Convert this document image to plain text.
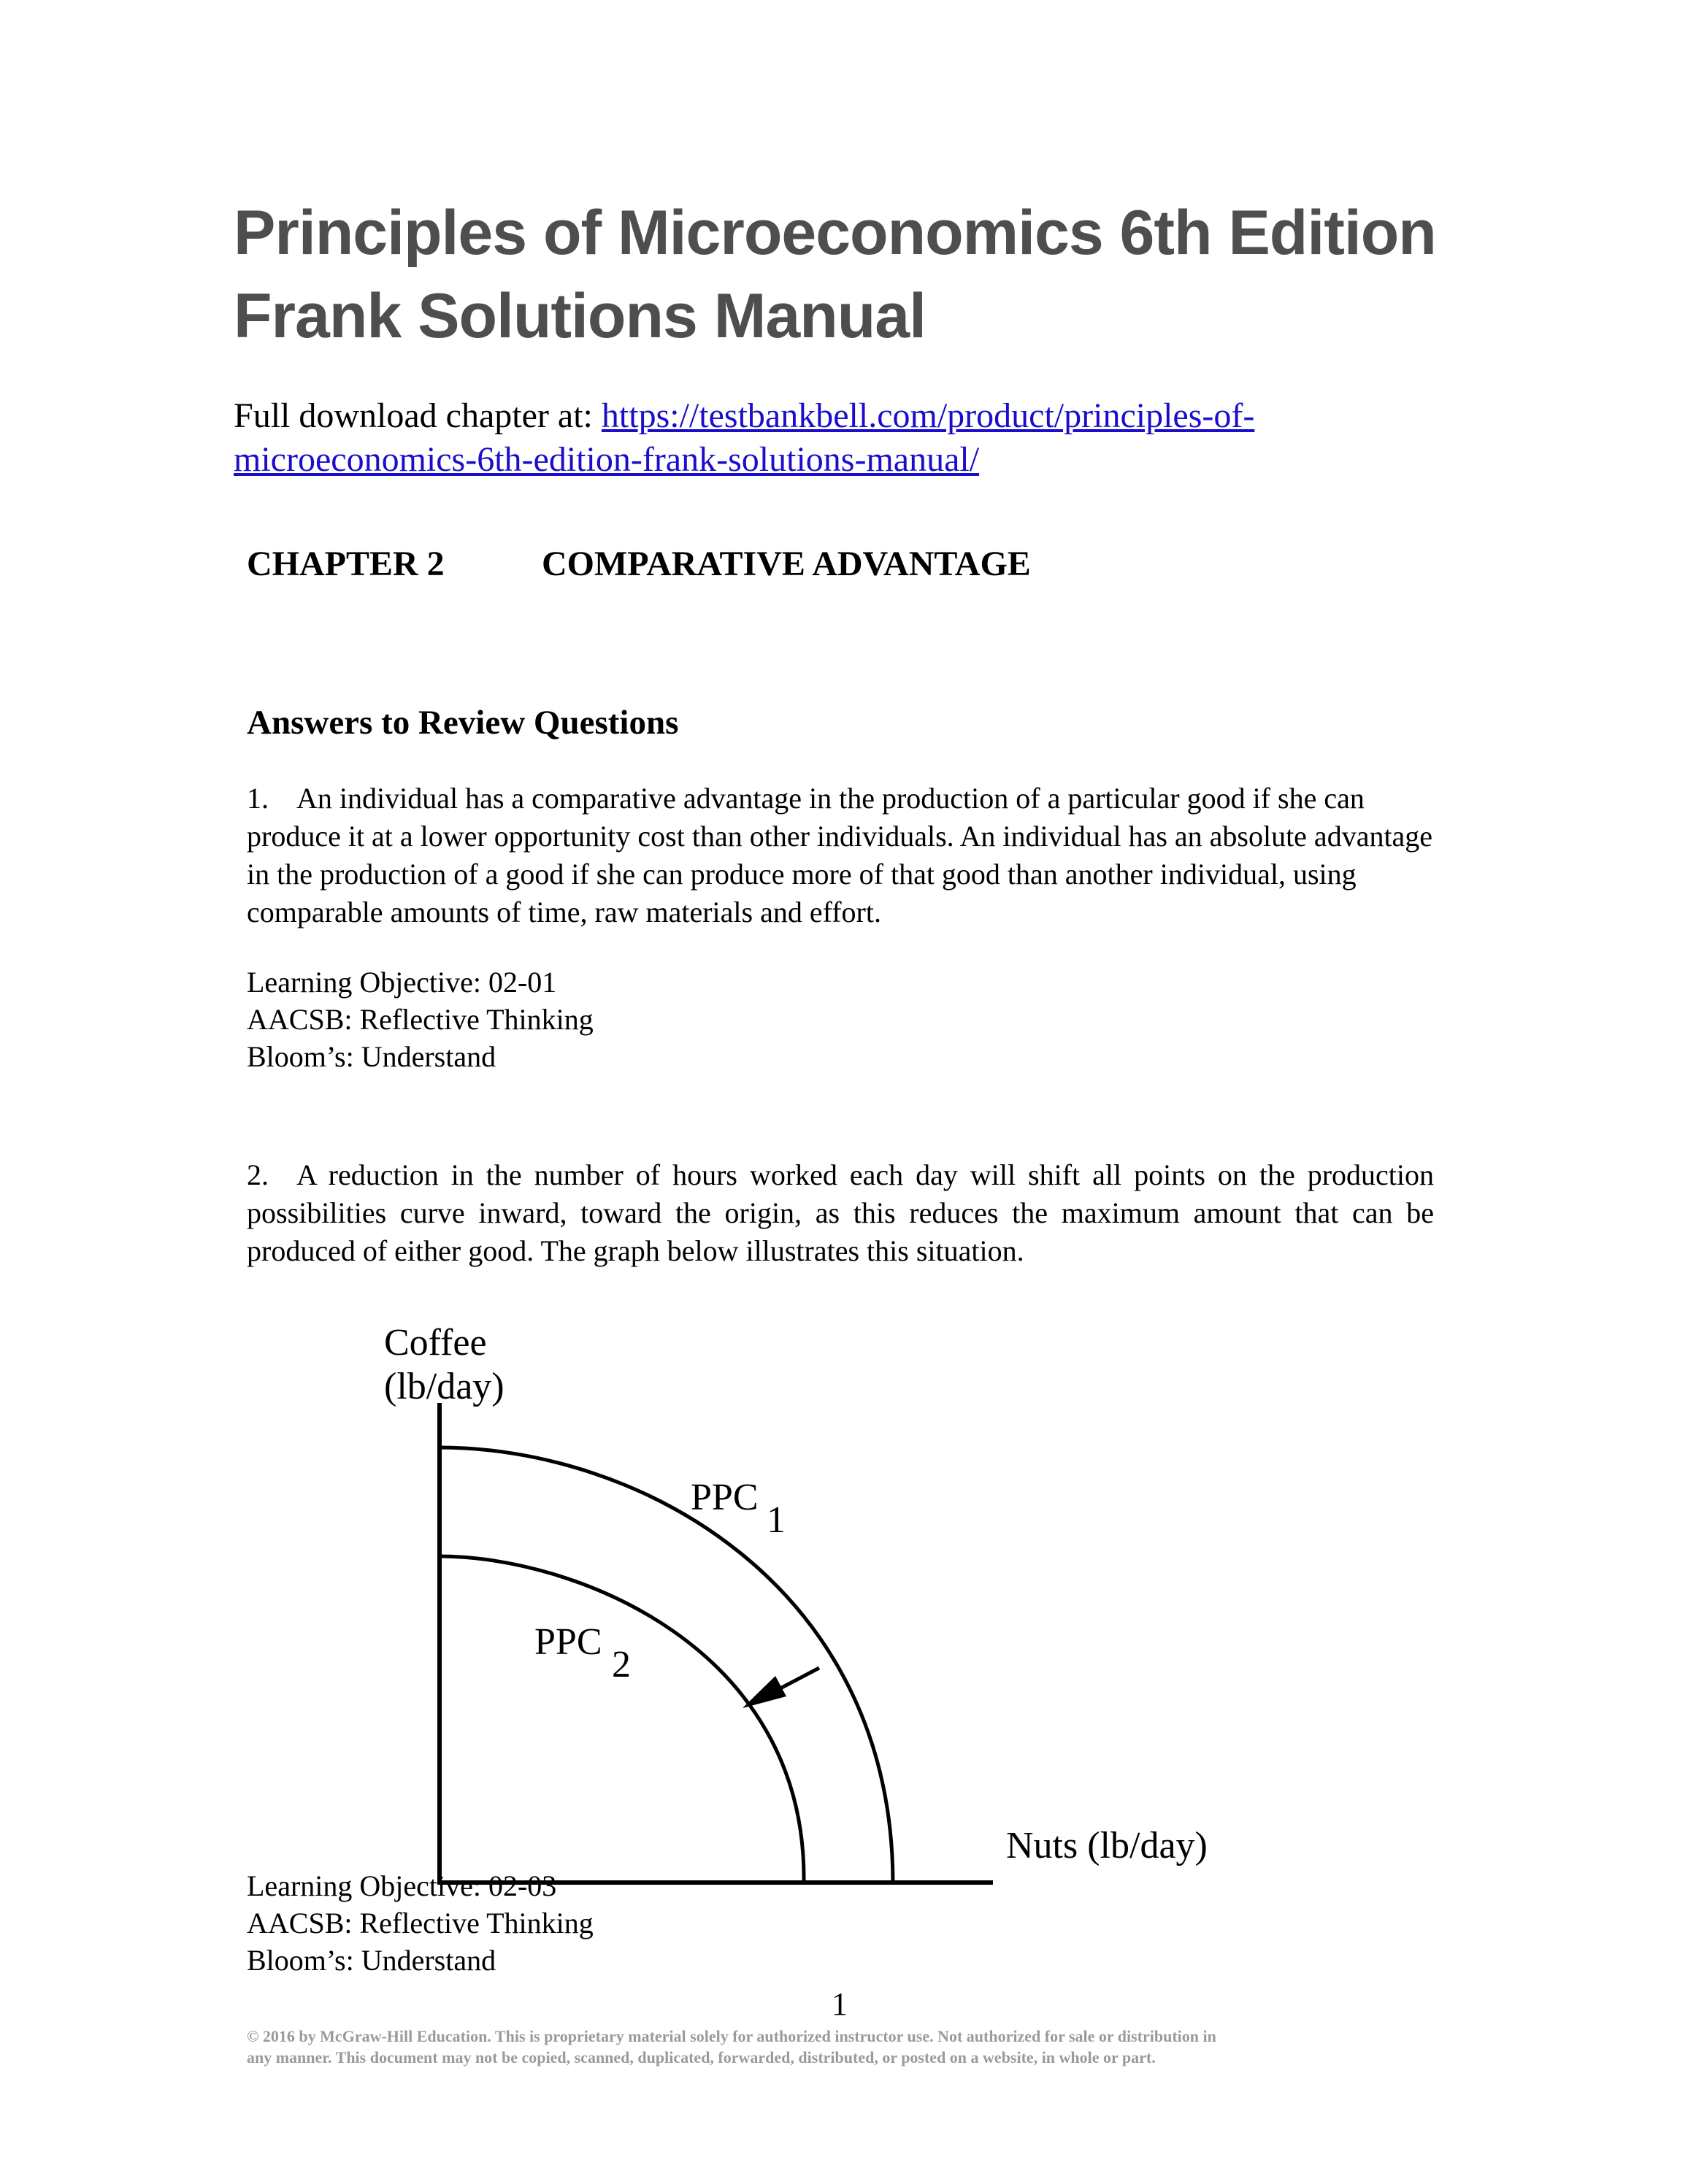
Principles of Microeconomics 6th Edition
Frank Solutions Manual

Full download chapter at: https://testbankbell.com/product/principles-of-
microeconomics-6th-edition-frank-solutions-manual/

CHAPTER 2	COMPARATIVE ADVANTAGE
Answers to Review Questions

1. An individual has a comparative advantage in the production of a particular good if she can produce it at a lower opportunity cost than other individuals. An individual has an absolute advantage in the production of a good if she can produce more of that good than another individual, using comparable amounts of time, raw materials and effort.

Learning Objective: 02-01
AACSB: Reflective Thinking
Bloom’s: Understand

2. A reduction in the number of hours worked each day will shift all points on the production possibilities curve inward, toward the origin, as this reduces the maximum amount that can be produced of either good. The graph below illustrates this situation.

Coffee
(lb/day)
PPC
1
PPC
2
Nuts (lb/day)
Learning Objective: 02-03
AACSB: Reflective Thinking
Bloom’s: Understand
1
© 2016 by McGraw-Hill Education. This is proprietary material solely for authorized instructor use. Not authorized for sale or distribution in
any manner. This document may not be copied, scanned, duplicated, forwarded, distributed, or posted on a website, in whole or part.
